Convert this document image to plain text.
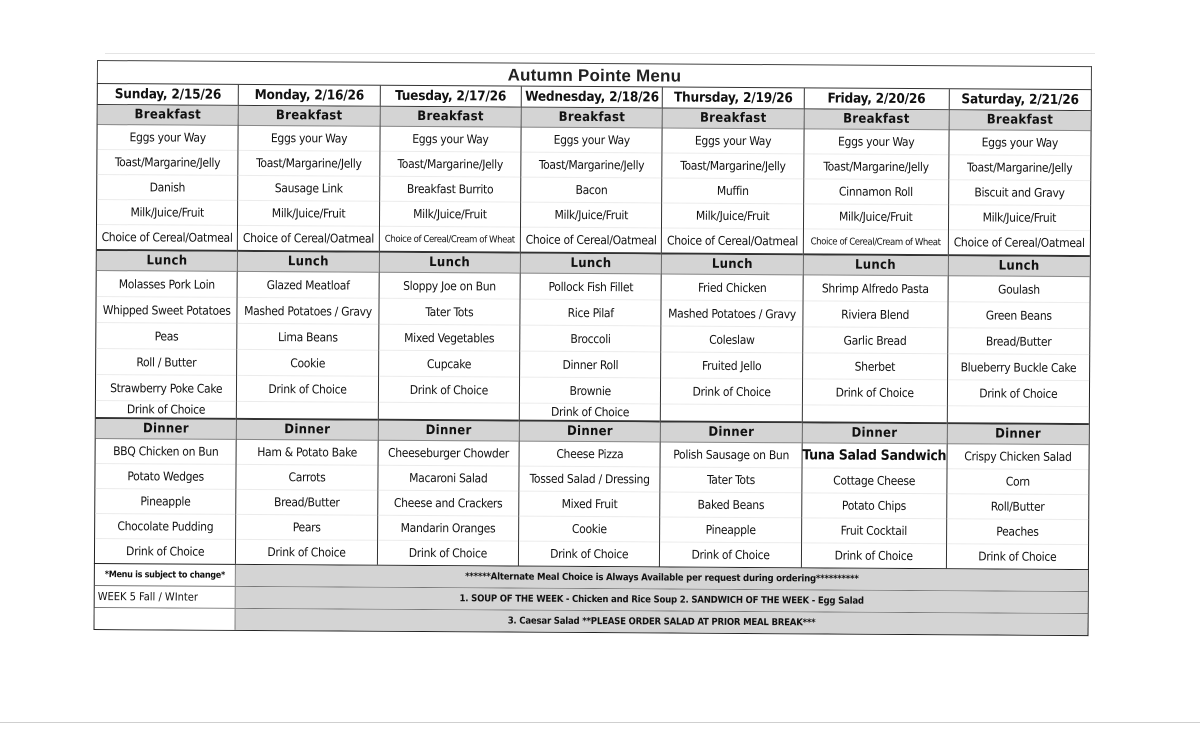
Autumn Pointe Menu
Sunday, 2/15/26
Breakfast
Eggs your Way
Toast/Margarine/Jelly
Danish
Milk/Juice/Fruit
Choice of Cereal/Oatmeal
Lunch
Molasses Pork Loin
Whipped Sweet Potatoes
Peas
Roll / Butter
Strawberry Poke Cake
Drink of Choice
Dinner
BBQ Chicken on Bun
Potato Wedges
Pineapple
Chocolate Pudding
Drink of Choice
Monday, 2/16/26
Breakfast
Eggs your Way
Toast/Margarine/Jelly
Sausage Link
Milk/Juice/Fruit
Choice of Cereal/Oatmeal
Lunch
Glazed Meatloaf
Mashed Potatoes / Gravy
Lima Beans
Cookie
Drink of Choice
Dinner
Ham & Potato Bake
Carrots
Bread/Butter
Pears
Drink of Choice
Tuesday, 2/17/26
Breakfast
Eggs your Way
Toast/Margarine/Jelly
Breakfast Burrito
Milk/Juice/Fruit
Choice of Cereal/Cream of Wheat
Lunch
Sloppy Joe on Bun
Tater Tots
Mixed Vegetables
Cupcake
Drink of Choice
Dinner
Cheeseburger Chowder
Macaroni Salad
Cheese and Crackers
Mandarin Oranges
Drink of Choice
Wednesday, 2/18/26
Breakfast
Eggs your Way
Toast/Margarine/Jelly
Bacon
Milk/Juice/Fruit
Choice of Cereal/Oatmeal
Lunch
Pollock Fish Fillet
Rice Pilaf
Broccoli
Dinner Roll
Brownie
Drink of Choice
Dinner
Cheese Pizza
Tossed Salad / Dressing
Mixed Fruit
Cookie
Drink of Choice
Thursday, 2/19/26
Breakfast
Eggs your Way
Toast/Margarine/Jelly
Muffin
Milk/Juice/Fruit
Choice of Cereal/Oatmeal
Lunch
Fried Chicken
Mashed Potatoes / Gravy
Coleslaw
Fruited Jello
Drink of Choice
Dinner
Polish Sausage on Bun
Tater Tots
Baked Beans
Pineapple
Drink of Choice
Friday, 2/20/26
Breakfast
Eggs your Way
Toast/Margarine/Jelly
Cinnamon Roll
Milk/Juice/Fruit
Choice of Cereal/Cream of Wheat
Lunch
Shrimp Alfredo Pasta
Riviera Blend
Garlic Bread
Sherbet
Drink of Choice
Dinner
Tuna Salad Sandwich
Cottage Cheese
Potato Chips
Fruit Cocktail
Drink of Choice
Saturday, 2/21/26
Breakfast
Eggs your Way
Toast/Margarine/Jelly
Biscuit and Gravy
Milk/Juice/Fruit
Choice of Cereal/Oatmeal
Lunch
Goulash
Green Beans
Bread/Butter
Blueberry Buckle Cake
Drink of Choice
Dinner
Crispy Chicken Salad
Corn
Roll/Butter
Peaches
Drink of Choice
*Menu is subject to change*	******Alternate Meal Choice is Always Available per request during ordering**********
WEEK 5 Fall / WInter	1. SOUP OF THE WEEK - Chicken and Rice Soup 2. SANDWICH OF THE WEEK - Egg Salad
3. Caesar Salad **PLEASE ORDER SALAD AT PRIOR MEAL BREAK***
